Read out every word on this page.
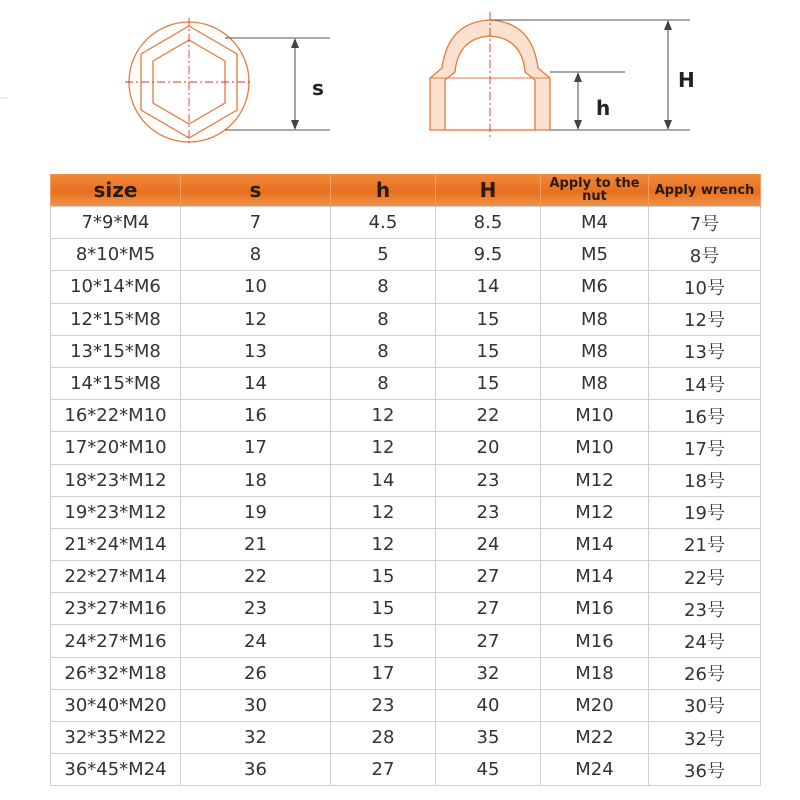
s
h
H
size	s	h	H	Apply to the nut	Apply wrench
7*9*M4	7	4.5	8.5	M4	7号
8*10*M5	8	5	9.5	M5	8号
10*14*M6	10	8	14	M6	10号
12*15*M8	12	8	15	M8	12号
13*15*M8	13	8	15	M8	13号
14*15*M8	14	8	15	M8	14号
16*22*M10	16	12	22	M10	16号
17*20*M10	17	12	20	M10	17号
18*23*M12	18	14	23	M12	18号
19*23*M12	19	12	23	M12	19号
21*24*M14	21	12	24	M14	21号
22*27*M14	22	15	27	M14	22号
23*27*M16	23	15	27	M16	23号
24*27*M16	24	15	27	M16	24号
26*32*M18	26	17	32	M18	26号
30*40*M20	30	23	40	M20	30号
32*35*M22	32	28	35	M22	32号
36*45*M24	36	27	45	M24	36号
